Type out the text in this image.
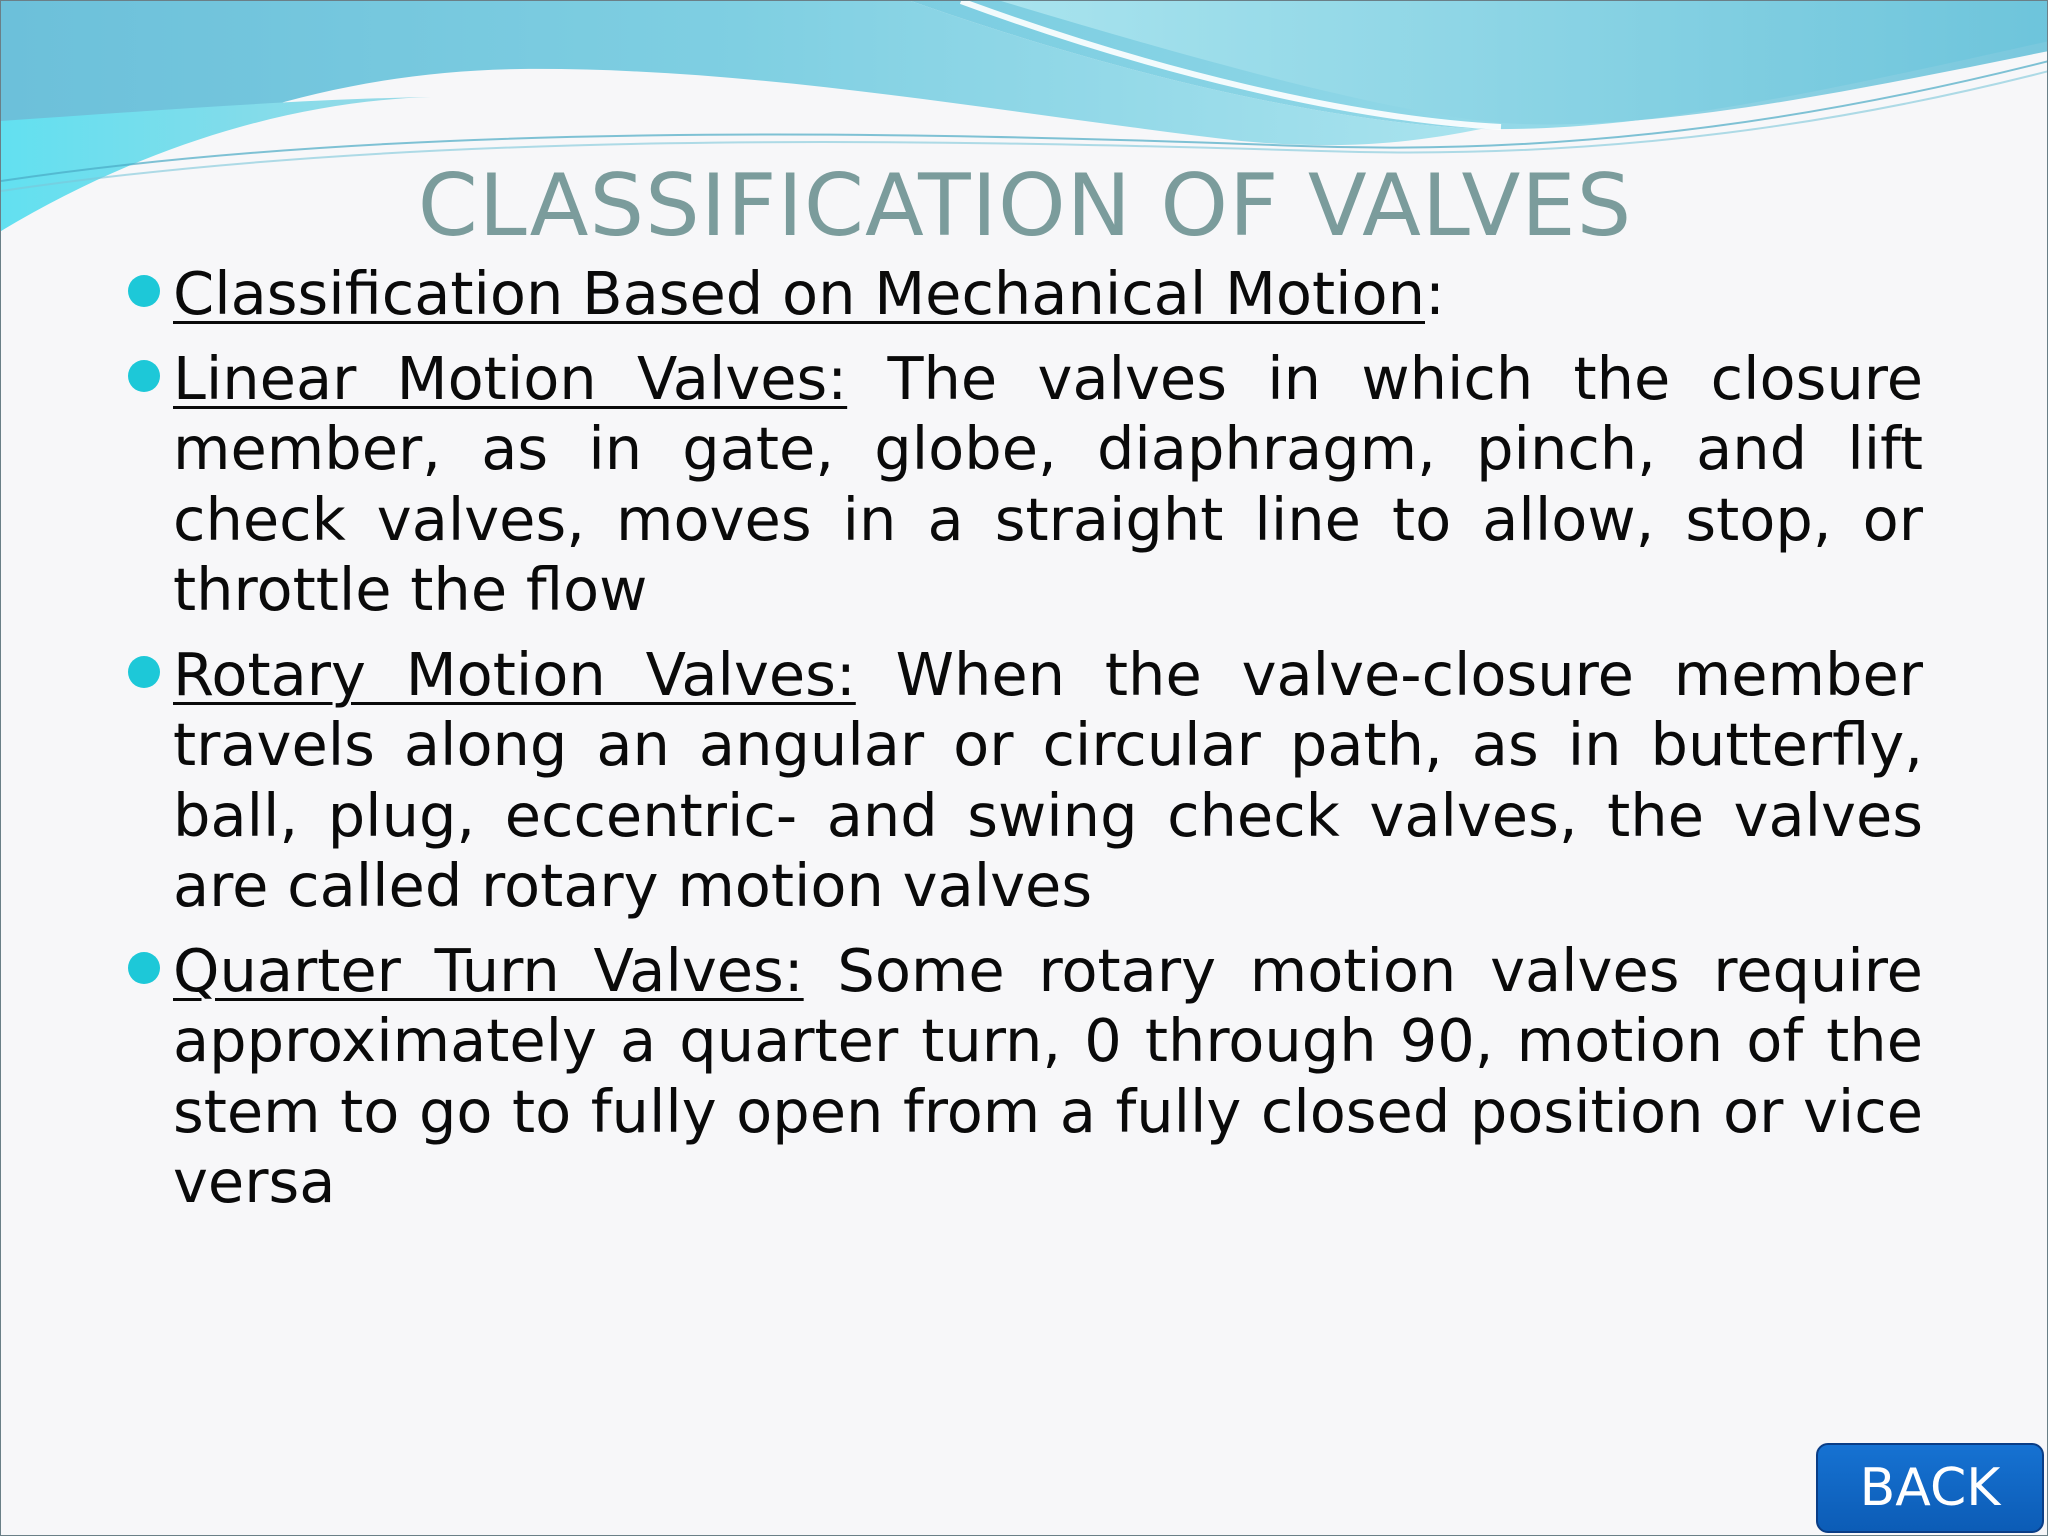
CLASSIFICATION OF VALVES
Classification Based on Mechanical Motion:
Linear Motion Valves: The valves in which the closure member, as in gate, globe, diaphragm, pinch, and lift check valves, moves in a straight line to allow, stop, or throttle the flow
Rotary Motion Valves: When the valve-closure member travels along an angular or circular path, as in butterfly, ball, plug, eccentric- and swing check valves, the valves are called rotary motion valves
Quarter Turn Valves: Some rotary motion valves require approximately a quarter turn, 0 through 90, motion of the stem to go to fully open from a fully closed position or vice versa
BACK
